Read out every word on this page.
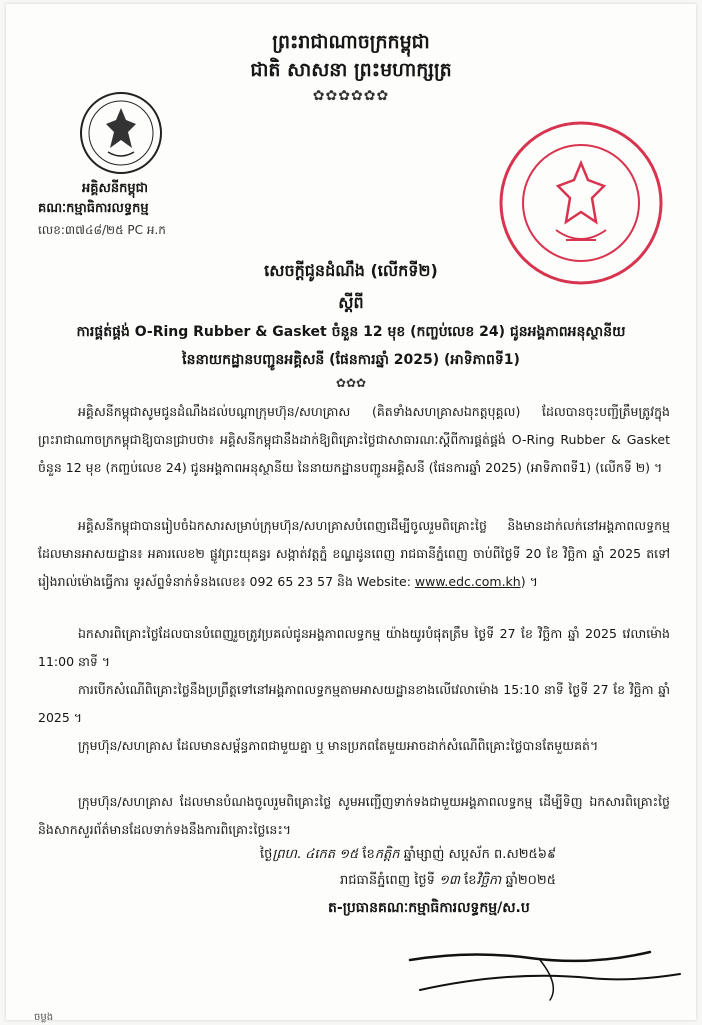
ព្រះរាជាណាចក្រកម្ពុជា
ជាតិ សាសនា ព្រះមហាក្សត្រ
✿✿✿✿✿✿
អគ្គិសនីកម្ពុជា
គណៈកម្មាធិការលទ្ធកម្ម
លេខ:៣៧៤៨/២៥ PC អ.ក
សេចក្តីជូនដំណឹង (លើកទី២)
ស្តីពី
ការផ្គត់ផ្គង់ O-Ring Rubber & Gasket ចំនួន 12 មុខ (កញ្ចប់លេខ 24) ជូនអង្គភាពអនុស្ថានីយ
នៃនាយកដ្ឋានបញ្ជូនអគ្គិសនី (ផែនការឆ្នាំ 2025) (អាទិភាពទី1)
✿✿✿
អគ្គិសនីកម្ពុជាសូមជូនដំណឹងដល់បណ្តាក្រុមហ៊ុន/សហគ្រាស (គិតទាំងសហគ្រាសឯកត្តបុគ្គល) ដែលបានចុះបញ្ជីត្រឹមត្រូវក្នុងព្រះរាជាណាចក្រកម្ពុជាឱ្យបានជ្រាបថា៖ អគ្គិសនីកម្ពុជានឹងដាក់ឱ្យពិគ្រោះថ្លៃជាសាធារណៈស្តីពីការផ្គត់ផ្គង់ O-Ring Rubber & Gasket ចំនួន 12 មុខ (កញ្ចប់លេខ 24) ជូនអង្គភាពអនុស្ថានីយ នៃនាយកដ្ឋានបញ្ជូនអគ្គិសនី (ផែនការឆ្នាំ 2025) (អាទិភាពទី1) (លើកទី ២) ។
អគ្គិសនីកម្ពុជាបានរៀបចំឯកសារសម្រាប់ក្រុមហ៊ុន/សហគ្រាសបំពេញដើម្បីចូលរួមពិគ្រោះថ្លៃ និងមានដាក់លក់នៅអង្គភាពលទ្ធកម្ម ដែលមានអាសយដ្ឋាន៖ អគារលេខ២ ផ្លូវព្រះយុគន្ធរ សង្កាត់វត្តភ្នំ ខណ្ឌដូនពេញ រាជធានីភ្នំពេញ ចាប់ពីថ្ងៃទី 20 ខែ វិច្ឆិកា ឆ្នាំ 2025 តទៅរៀងរាល់ម៉ោងធ្វើការ ទូរស័ព្ទទំនាក់ទំនងលេខ៖ 092 65 23 57 និង Website: www.edc.com.kh) ។
ឯកសារពិគ្រោះថ្លៃដែលបានបំពេញរួចត្រូវប្រគល់ជូនអង្គភាពលទ្ធកម្ម យ៉ាងយូរបំផុតត្រឹម ថ្ងៃទី 27 ខែ វិច្ឆិកា ឆ្នាំ 2025 វេលាម៉ោង 11:00 នាទី ។
ការបើកសំណើពិគ្រោះថ្លៃនឹងប្រព្រឹត្តទៅនៅអង្គភាពលទ្ធកម្មតាមអាសយដ្ឋានខាងលើវេលាម៉ោង 15:10 នាទី ថ្ងៃទី 27 ខែ វិច្ឆិកា ឆ្នាំ 2025 ។
ក្រុមហ៊ុន/សហគ្រាស ដែលមានសម្ព័ន្ធភាពជាមួយគ្នា ឬ មានប្រភពតែមួយអាចដាក់សំណើពិគ្រោះថ្លៃបានតែមួយគត់។
ក្រុមហ៊ុន/សហគ្រាស ដែលមានបំណងចូលរួមពិគ្រោះថ្លៃ សូមអញ្ជើញទាក់ទងជាមួយអង្គភាពលទ្ធកម្ម ដើម្បីទិញ ឯកសារពិគ្រោះថ្លៃ និងសាកសួរព័ត៌មានដែលទាក់ទងនឹងការពិគ្រោះថ្លៃនេះ។
ថ្ងៃព្រហ. ៤កេត ១៥ ខែកត្តិក ឆ្នាំម្សាញ់ សប្តស័ក ព.ស២៥៦៩
រាជធានីភ្នំពេញ ថ្ងៃទី ១៣ ខែវិច្ឆិកា ឆ្នាំ២០២៥
ត-ប្រធានគណៈកម្មាធិការលទ្ធកម្ម/ស.ប
ចម្លង
